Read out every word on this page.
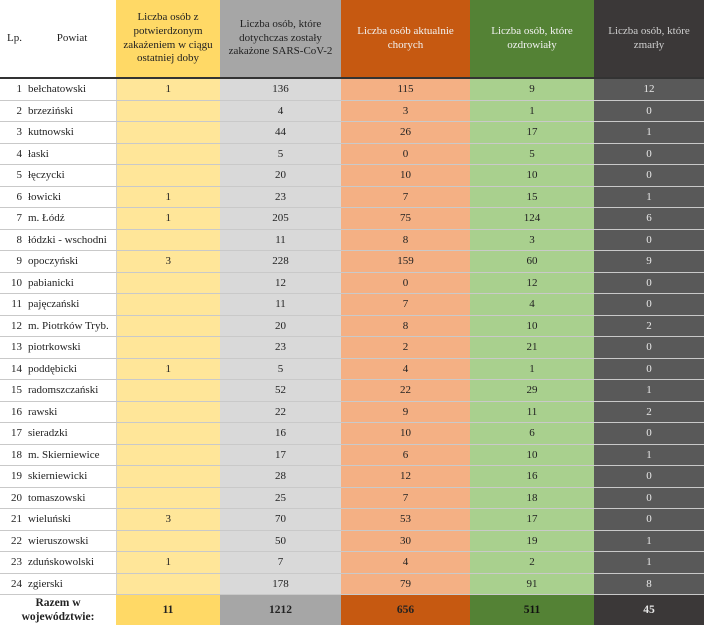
Lp.	Powiat	Liczba osób z potwierdzonym zakażeniem w ciągu ostatniej doby	Liczba osób, które dotychczas zostały zakażone SARS-CoV-2	Liczba osób aktualnie chorych	Liczba osób, które ozdrowiały	Liczba osób, które zmarły
1	bełchatowski	1	136	115	9	12
2	brzeziński		4	3	1	0
3	kutnowski		44	26	17	1
4	łaski		5	0	5	0
5	łęczycki		20	10	10	0
6	łowicki	1	23	7	15	1
7	m. Łódź	1	205	75	124	6
8	łódzki - wschodni		11	8	3	0
9	opoczyński	3	228	159	60	9
10	pabianicki		12	0	12	0
11	pajęczański		11	7	4	0
12	m. Piotrków Tryb.		20	8	10	2
13	piotrkowski		23	2	21	0
14	poddębicki	1	5	4	1	0
15	radomszczański		52	22	29	1
16	rawski		22	9	11	2
17	sieradzki		16	10	6	0
18	m. Skierniewice		17	6	10	1
19	skierniewicki		28	12	16	0
20	tomaszowski		25	7	18	0
21	wieluński	3	70	53	17	0
22	wieruszowski		50	30	19	1
23	zduńskowolski	1	7	4	2	1
24	zgierski		178	79	91	8
Razem w województwie:		11	1212	656	511	45
